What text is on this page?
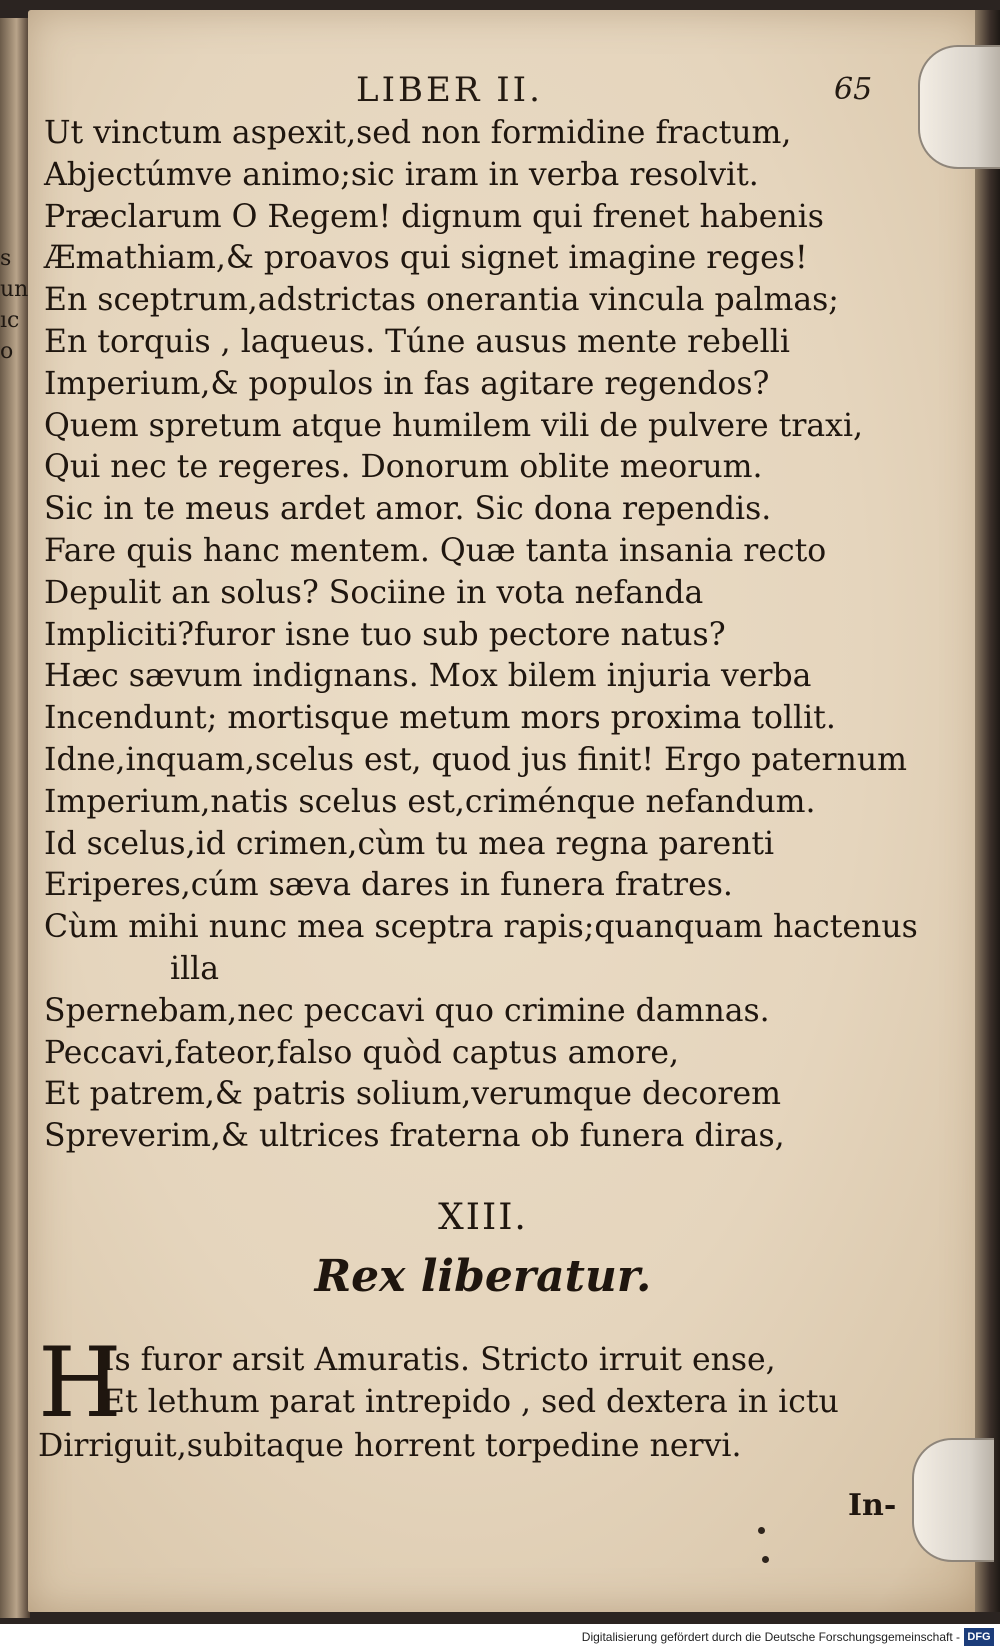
s
un
ıc
o
LIBER II.	65
Ut vinctum aspexit,sed non formidine fractum,
Abjectúmve animo;sic iram in verba resolvit.
Præclarum O Regem! dignum qui frenet habenis
Æmathiam,& proavos qui signet imagine reges!
En sceptrum,adstrictas onerantia vincula palmas;
En torquis , laqueus. Túne ausus mente rebelli
Imperium,& populos in fas agitare regendos?
Quem spretum atque humilem vili de pulvere traxi,
Qui nec te regeres. Donorum oblite meorum.
Sic in te meus ardet amor. Sic dona rependis.
Fare quis hanc mentem. Quæ tanta insania recto
Depulit an solus? Sociine in vota nefanda
Impliciti?furor isne tuo sub pectore natus?
Hæc sævum indignans. Mox bilem injuria verba
Incendunt; mortisque metum mors proxima tollit.
Idne,inquam,scelus est, quod jus finit! Ergo paternum
Imperium,natis scelus est,criménque nefandum.
Id scelus,id crimen,cùm tu mea regna parenti
Eriperes,cúm sæva dares in funera fratres.
Cùm mihi nunc mea sceptra rapis;quanquam hactenus
illa
Spernebam,nec peccavi quo crimine damnas.
Peccavi,fateor,falso quòd captus amore,
Et patrem,& patris solium,verumque decorem
Spreverim,& ultrices fraterna ob funera diras,
XIII.
Rex liberatur.
H
Is furor arsit Amuratis. Stricto irruit ense,
Et lethum parat intrepido , sed dextera in ictu
Dirriguit,subitaque horrent torpedine nervi.
In-
Digitalisierung gefördert durch die Deutsche Forschungsgemeinschaft - DFG
